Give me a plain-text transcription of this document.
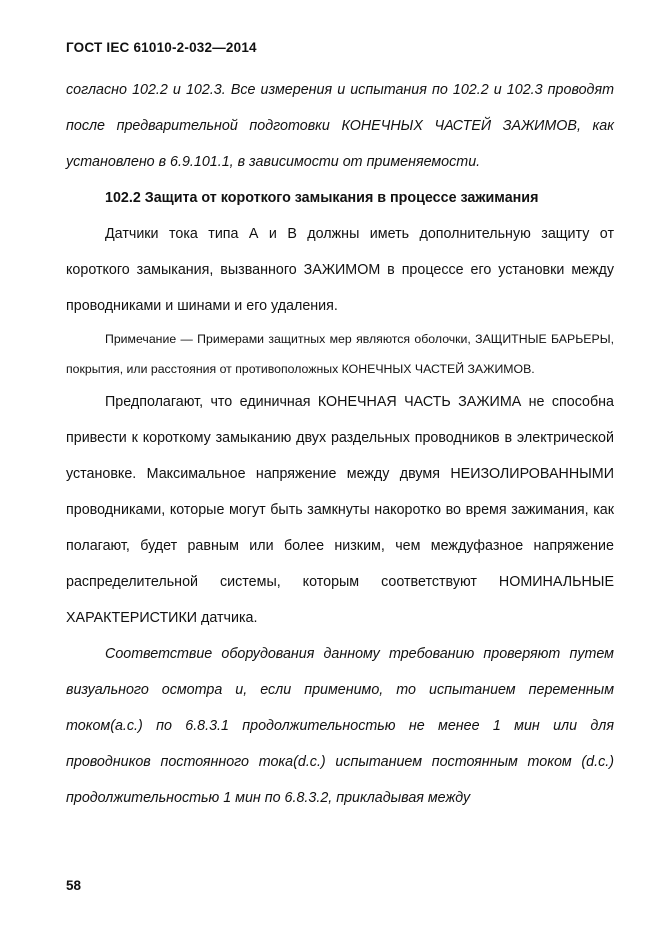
ГОСТ IEC 61010-2-032—2014

согласно 102.2 и 102.3. Все измерения и испытания по 102.2 и 102.3 проводят после предварительной подготовки КОНЕЧНЫХ ЧАСТЕЙ ЗАЖИМОВ, как установлено в 6.9.101.1, в зависимости от применяемости.

102.2 Защита от короткого замыкания в процессе зажимания

Датчики тока типа А и В должны иметь дополнительную защиту от короткого замыкания, вызванного ЗАЖИМОМ в процессе его установки между проводниками и шинами и его удаления.

Примечание — Примерами защитных мер являются оболочки, ЗАЩИТНЫЕ БАРЬЕРЫ, покрытия, или расстояния от противоположных КОНЕЧНЫХ ЧАСТЕЙ ЗАЖИМОВ.

Предполагают, что единичная КОНЕЧНАЯ ЧАСТЬ ЗАЖИМА не способна привести к короткому замыканию двух раздельных проводников в электрической установке. Максимальное напряжение между двумя НЕИЗОЛИРОВАННЫМИ проводниками, которые могут быть замкнуты накоротко во время зажимания, как полагают, будет равным или более низким, чем междуфазное напряжение распределительной системы, которым соответствуют НОМИНАЛЬНЫЕ ХАРАКТЕРИСТИКИ датчика.

Соответствие оборудования данному требованию проверяют путем визуального осмотра и, если применимо, то испытанием переменным током(a.c.) по 6.8.3.1 продолжительностью не менее 1 мин или для проводников постоянного тока(d.c.) испытанием постоянным током (d.c.) продолжительностью 1 мин по 6.8.3.2, прикладывая между

58
